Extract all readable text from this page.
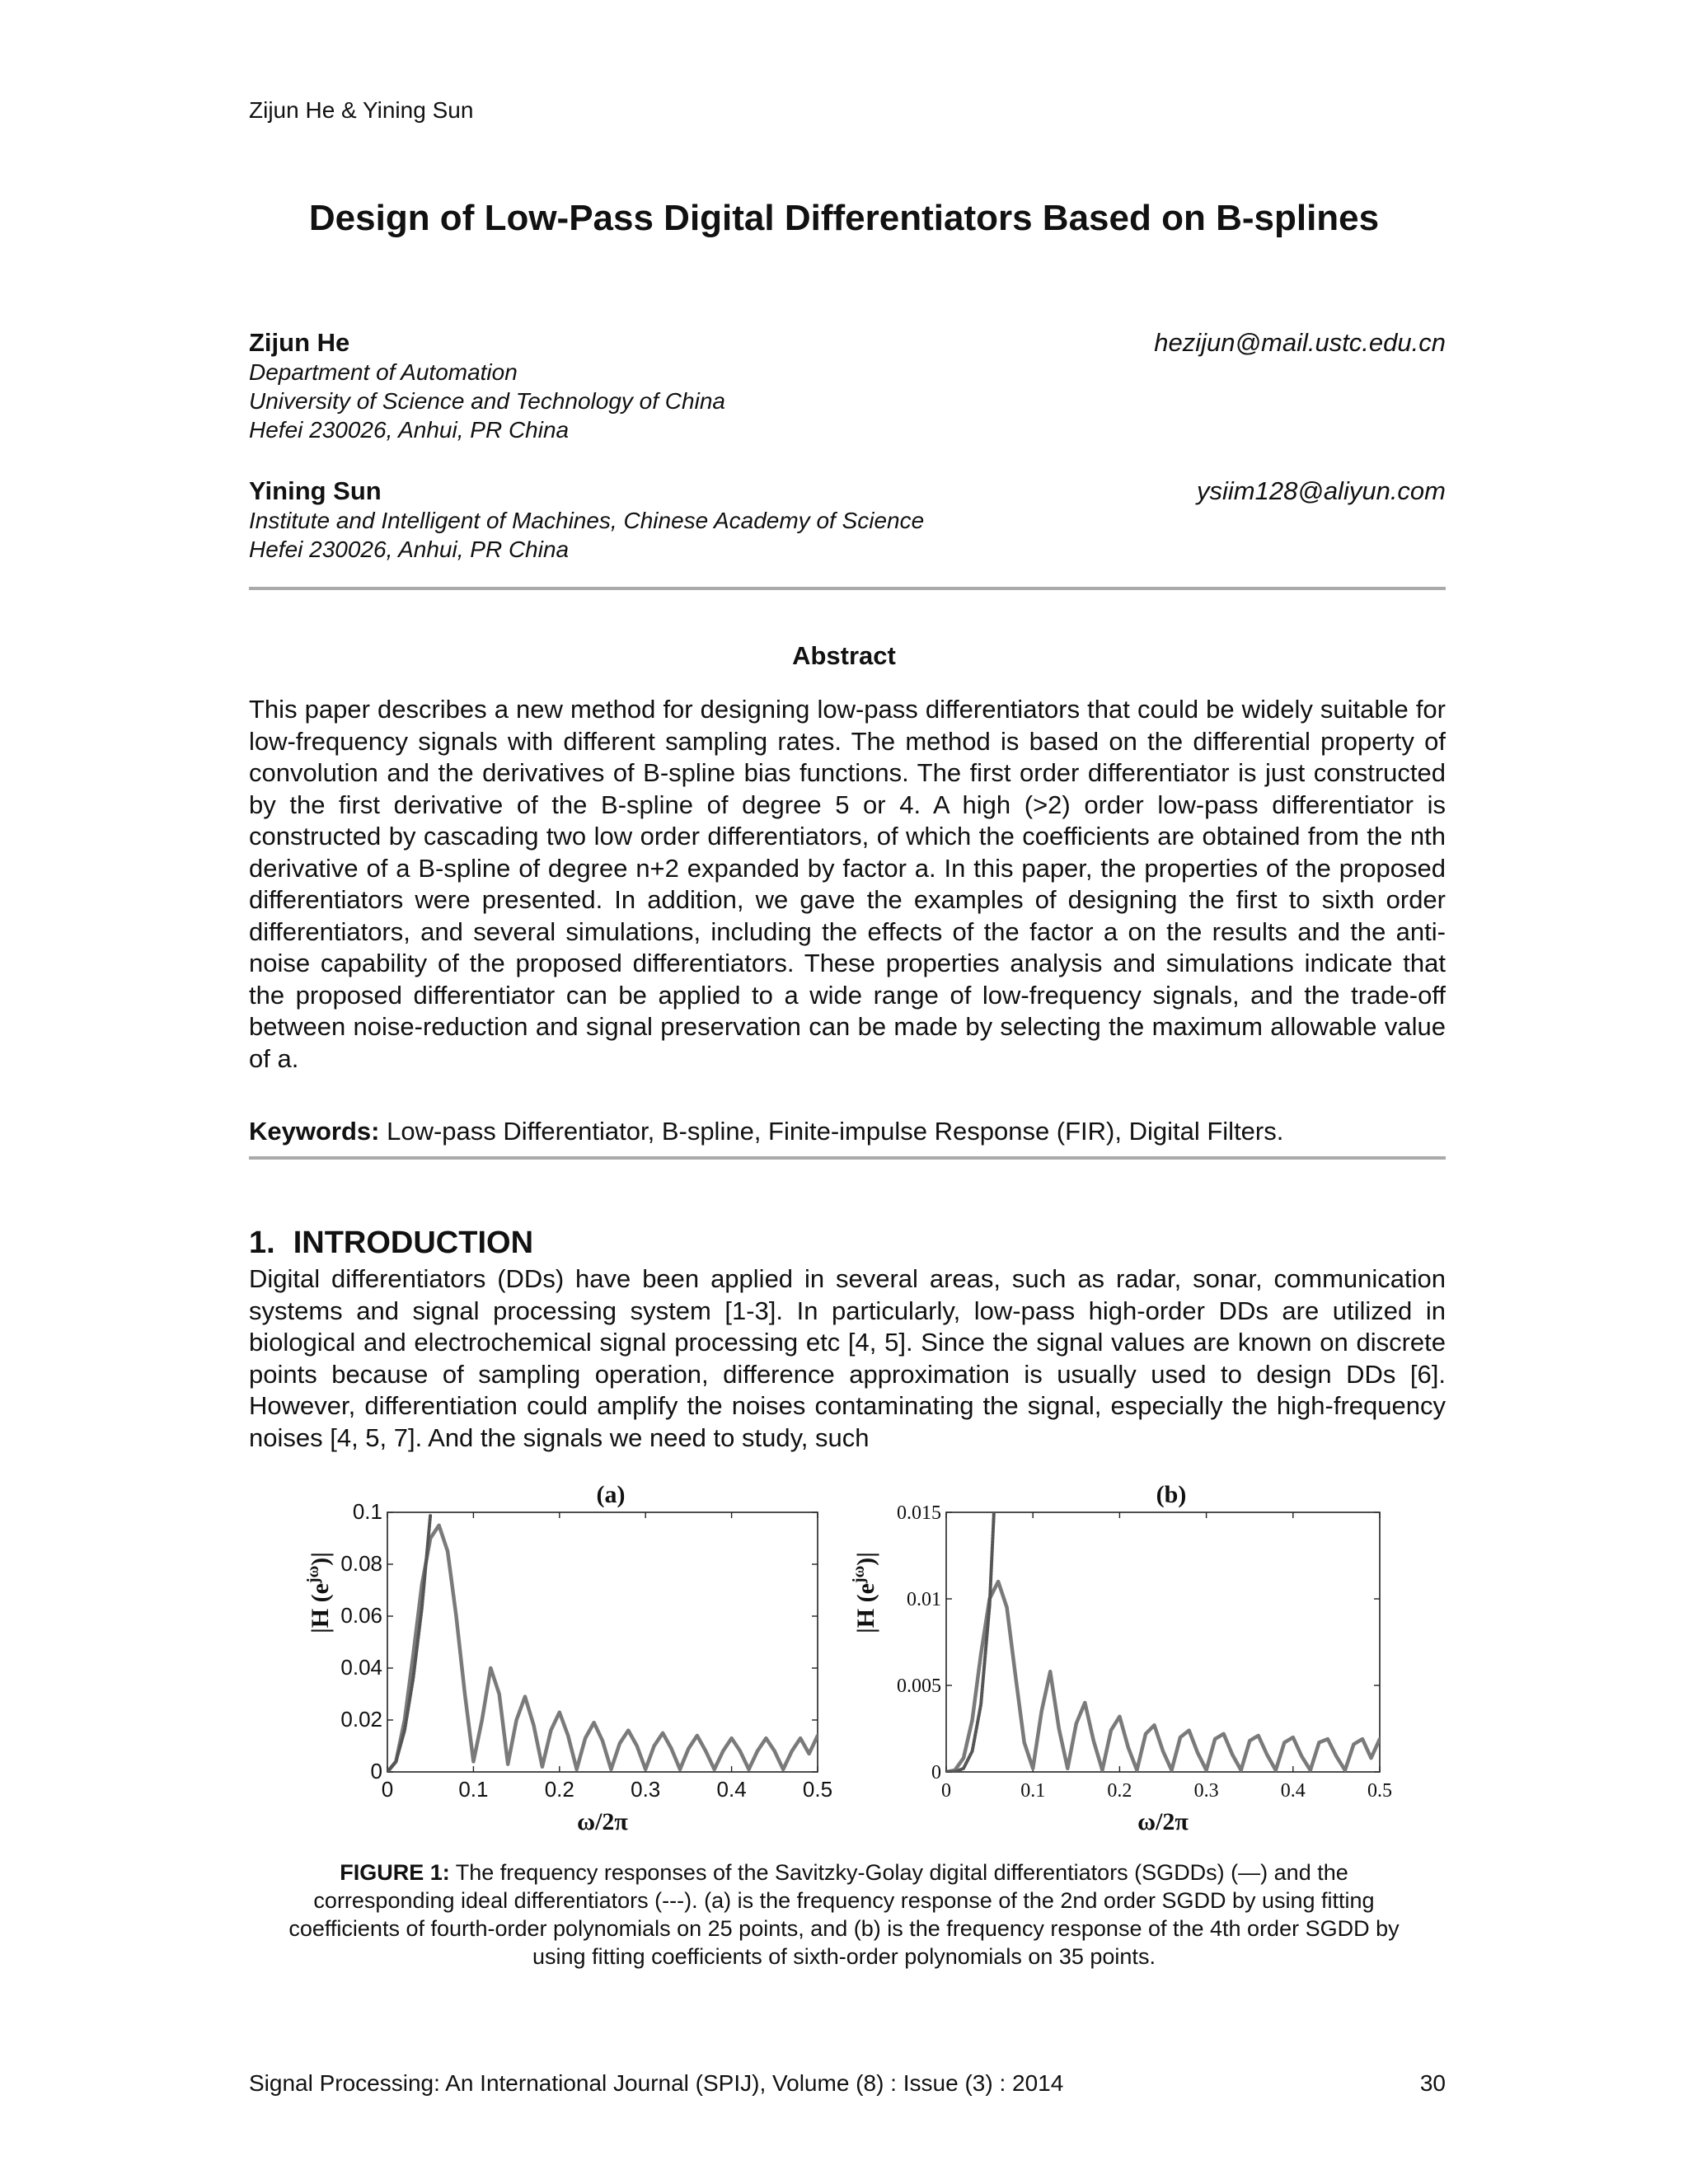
Zijun He & Yining Sun
Design of Low-Pass Digital Differentiators Based on B-splines
Zijun He	hezijun@mail.ustc.edu.cn
Department of Automation
University of Science and Technology of China
Hefei 230026, Anhui, PR China
Yining Sun	ysiim128@aliyun.com
Institute and Intelligent of Machines, Chinese Academy of Science
Hefei 230026, Anhui, PR China
Abstract
This paper describes a new method for designing low-pass differentiators that could be widely suitable for low-frequency signals with different sampling rates. The method is based on the differential property of convolution and the derivatives of B-spline bias functions. The first order differentiator is just constructed by the first derivative of the B-spline of degree 5 or 4. A high (>2) order low-pass differentiator is constructed by cascading two low order differentiators, of which the coefficients are obtained from the nth derivative of a B-spline of degree n+2 expanded by factor a. In this paper, the properties of the proposed differentiators were presented. In addition, we gave the examples of designing the first to sixth order differentiators, and several simulations, including the effects of the factor a on the results and the anti-noise capability of the proposed differentiators. These properties analysis and simulations indicate that the proposed differentiator can be applied to a wide range of low-frequency signals, and the trade-off between noise-reduction and signal preservation can be made by selecting the maximum allowable value of a.
Keywords: Low-pass Differentiator, B-spline, Finite-impulse Response (FIR), Digital Filters.
1. INTRODUCTION
Digital differentiators (DDs) have been applied in several areas, such as radar, sonar, communication systems and signal processing system [1-3]. In particularly, low-pass high-order DDs are utilized in biological and electrochemical signal processing etc [4, 5]. Since the signal values are known on discrete points because of sampling operation, difference approximation is usually used to design DDs [6]. However, differentiation could amplify the noises contaminating the signal, especially the high-frequency noises [4, 5, 7]. And the signals we need to study, such
0	0.1	0.2	0.3	0.4	0.5
0
0.02
0.04
0.06
0.08
0.1
(a)
ω/2π
|H $(e^{j\omega})|$
0	0.1	0.2	0.3	0.4	0.5
0
0.005
0.01
0.015
(b)
ω/2π
|H $(e^{j\omega})|$
FIGURE 1: The frequency responses of the Savitzky-Golay digital differentiators (SGDDs) (—) and the corresponding ideal differentiators (---). (a) is the frequency response of the 2nd order SGDD by using fitting coefficients of fourth-order polynomials on 25 points, and (b) is the frequency response of the 4th order SGDD by using fitting coefficients of sixth-order polynomials on 35 points.
Signal Processing: An International Journal (SPIJ), Volume (8) : Issue (3) : 2014	30
